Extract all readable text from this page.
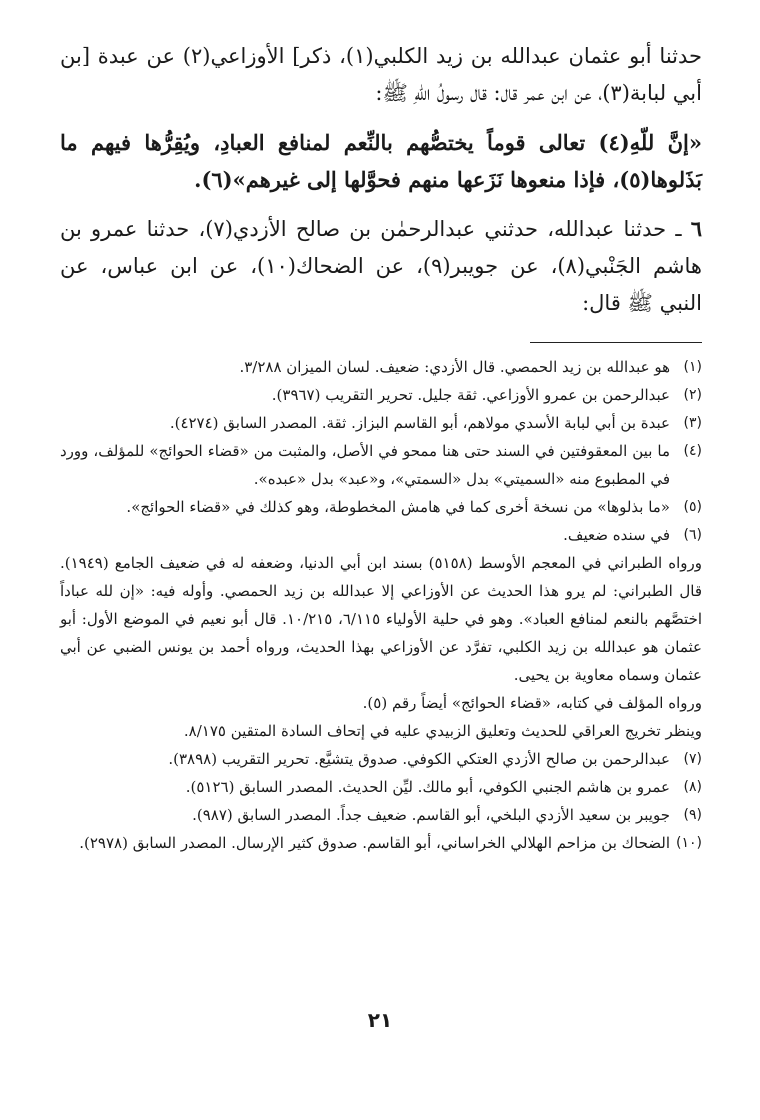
حدثنا أبو عثمان عبدالله بن زيد الكلبي(١)، ذكر] الأوزاعي(٢) عن عبدة [بن أبي لبابة(٣)، عن ابن عمر قال: قال رسولُ اللّهِ ﷺ:

«إنَّ للّهِ(٤) تعالى قوماً يختصُّهم بالنِّعم لمنافع العبادِ، ويُقِرُّها فيهم ما بَذَلوها(٥)، فإذا منعوها نَزَعها منهم فحوَّلها إلى غيرهم»(٦).

٦ ـ حدثنا عبدالله، حدثني عبدالرحمٰن بن صالح الأزدي(٧)، حدثنا عمرو بن هاشم الجَنْبي(٨)، عن جويبر(٩)، عن الضحاك(١٠)، عن ابن عباس، عن النبي ﷺ قال:

(١)
هو عبدالله بن زيد الحمصي. قال الأزدي: ضعيف. لسان الميزان ٣/٢٨٨.
(٢)
عبدالرحمن بن عمرو الأوزاعي. ثقة جليل. تحرير التقريب (٣٩٦٧).
(٣)
عبدة بن أبي لبابة الأسدي مولاهم، أبو القاسم البزاز. ثقة. المصدر السابق (٤٢٧٤).
(٤)
ما بين المعقوفتين في السند حتى هنا ممحو في الأصل، والمثبت من «قضاء الحوائج» للمؤلف، وورد في المطبوع منه «السميتي» بدل «السمتي»، و«عبد» بدل «عبده».
(٥)
«ما بذلوها» من نسخة أخرى كما في هامش المخطوطة، وهو كذلك في «قضاء الحوائج».
(٦)
في سنده ضعيف.

ورواه الطبراني في المعجم الأوسط (٥١٥٨) بسند ابن أبي الدنيا، وضعفه له في ضعيف الجامع (١٩٤٩). قال الطبراني: لم يرو هذا الحديث عن الأوزاعي إلا عبدالله بن زيد الحمصي. وأوله فيه: «إن لله عباداً اختصَّهم بالنعم لمنافع العباد». وهو في حلية الأولياء ٦/١١٥، ١٠/٢١٥. قال أبو نعيم في الموضع الأول: أبو عثمان هو عبدالله بن زيد الكلبي، تفرَّد عن الأوزاعي بهذا الحديث، ورواه أحمد بن يونس الضبي عن أبي عثمان وسماه معاوية بن يحيى.

ورواه المؤلف في كتابه، «قضاء الحوائج» أيضاً رقم (٥).

وينظر تخريج العراقي للحديث وتعليق الزبيدي عليه في إتحاف السادة المتقين ٨/١٧٥.

(٧)
عبدالرحمن بن صالح الأزدي العتكي الكوفي. صدوق يتشيَّع. تحرير التقريب (٣٨٩٨).
(٨)
عمرو بن هاشم الجنبي الكوفي، أبو مالك. ليِّن الحديث. المصدر السابق (٥١٢٦).
(٩)
جويبر بن سعيد الأزدي البلخي، أبو القاسم. ضعيف جداً. المصدر السابق (٩٨٧).
(١٠)
الضحاك بن مزاحم الهلالي الخراساني، أبو القاسم. صدوق كثير الإرسال. المصدر السابق (٢٩٧٨).
٢١
